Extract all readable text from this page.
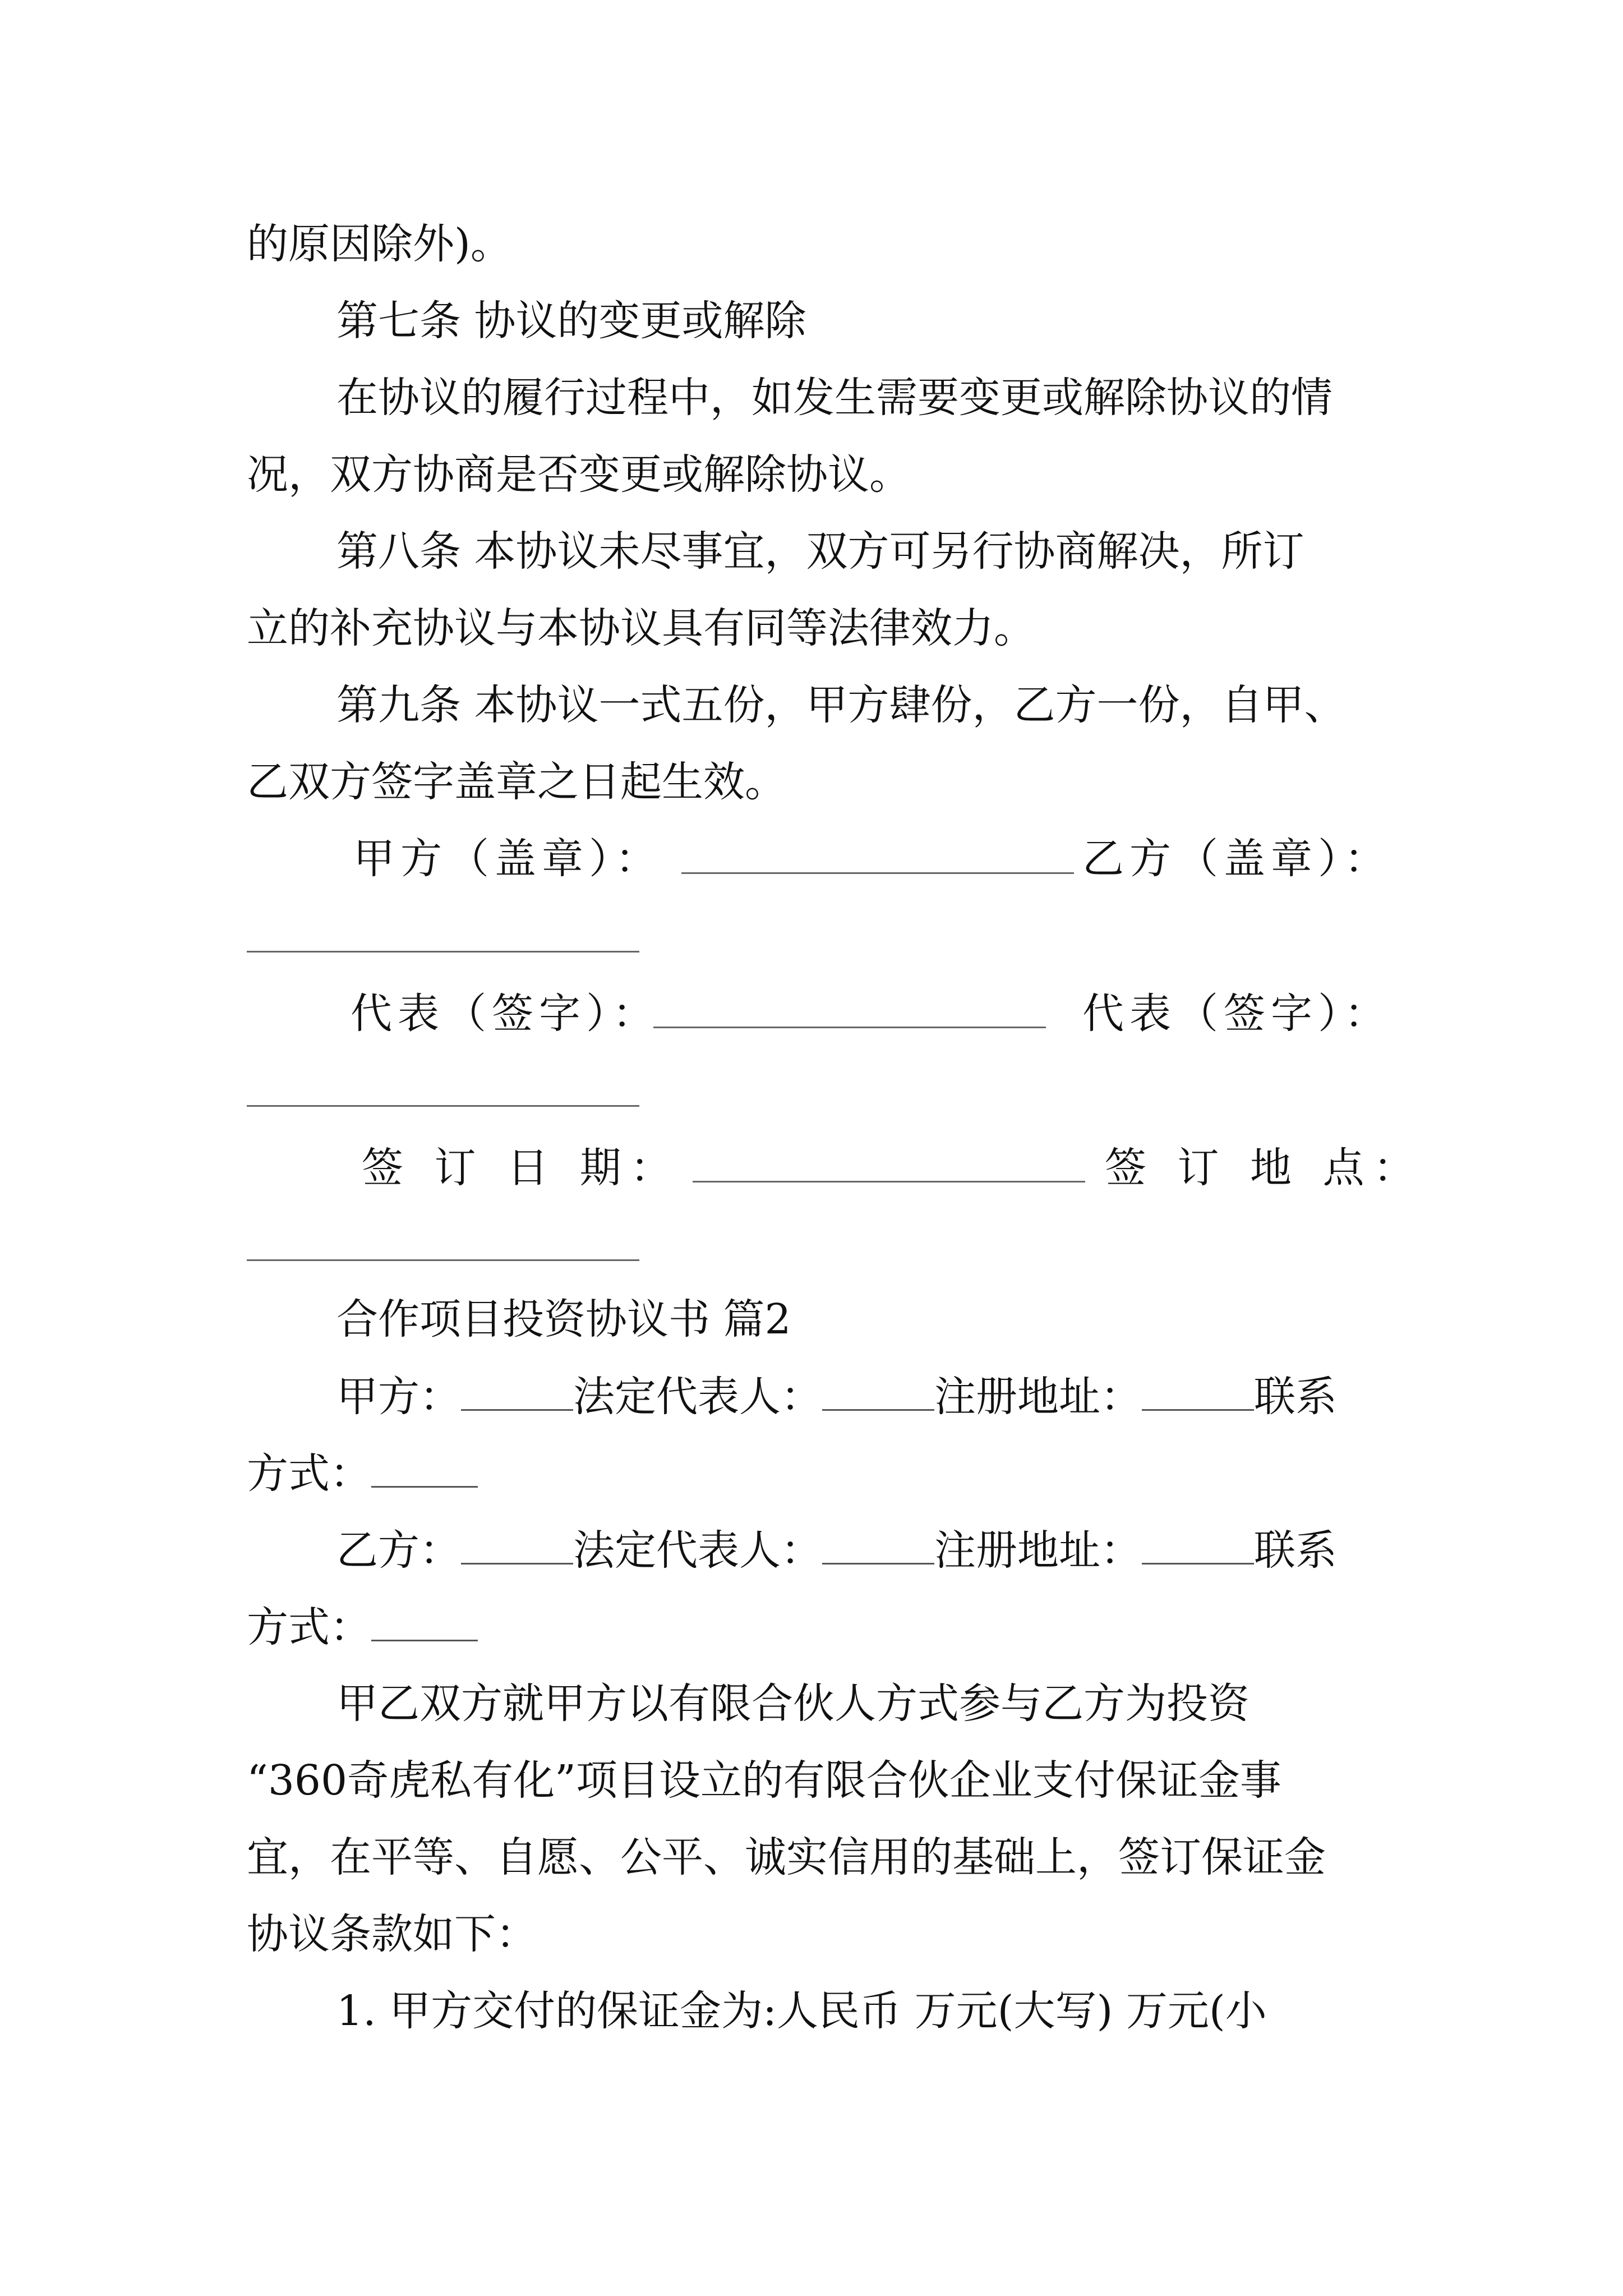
的原因除外)。
第七条 协议的变更或解除
在协议的履行过程中，如发生需要变更或解除协议的情
况，双方协商是否变更或解除协议。
第八条 本协议未尽事宜，双方可另行协商解决，所订
立的补充协议与本协议具有同等法律效力。
第九条 本协议一式五份，甲方肆份，乙方一份，自甲、
乙双方签字盖章之日起生效。
甲方（盖章）：	乙方（盖章）：
代表（签字）：	代表（签字）：
签 订 日 期：	签 订 地 点：
合作项目投资协议书 篇2
甲方：	法定代表人：	注册地址：	联系
方式：
乙方：	法定代表人：	注册地址：	联系
方式：
甲乙双方就甲方以有限合伙人方式参与乙方为投资
“360奇虎私有化”项目设立的有限合伙企业支付保证金事
宜，在平等、自愿、公平、诚实信用的基础上，签订保证金
协议条款如下：
1. 甲方交付的保证金为:人民币 万元(大写) 万元(小
